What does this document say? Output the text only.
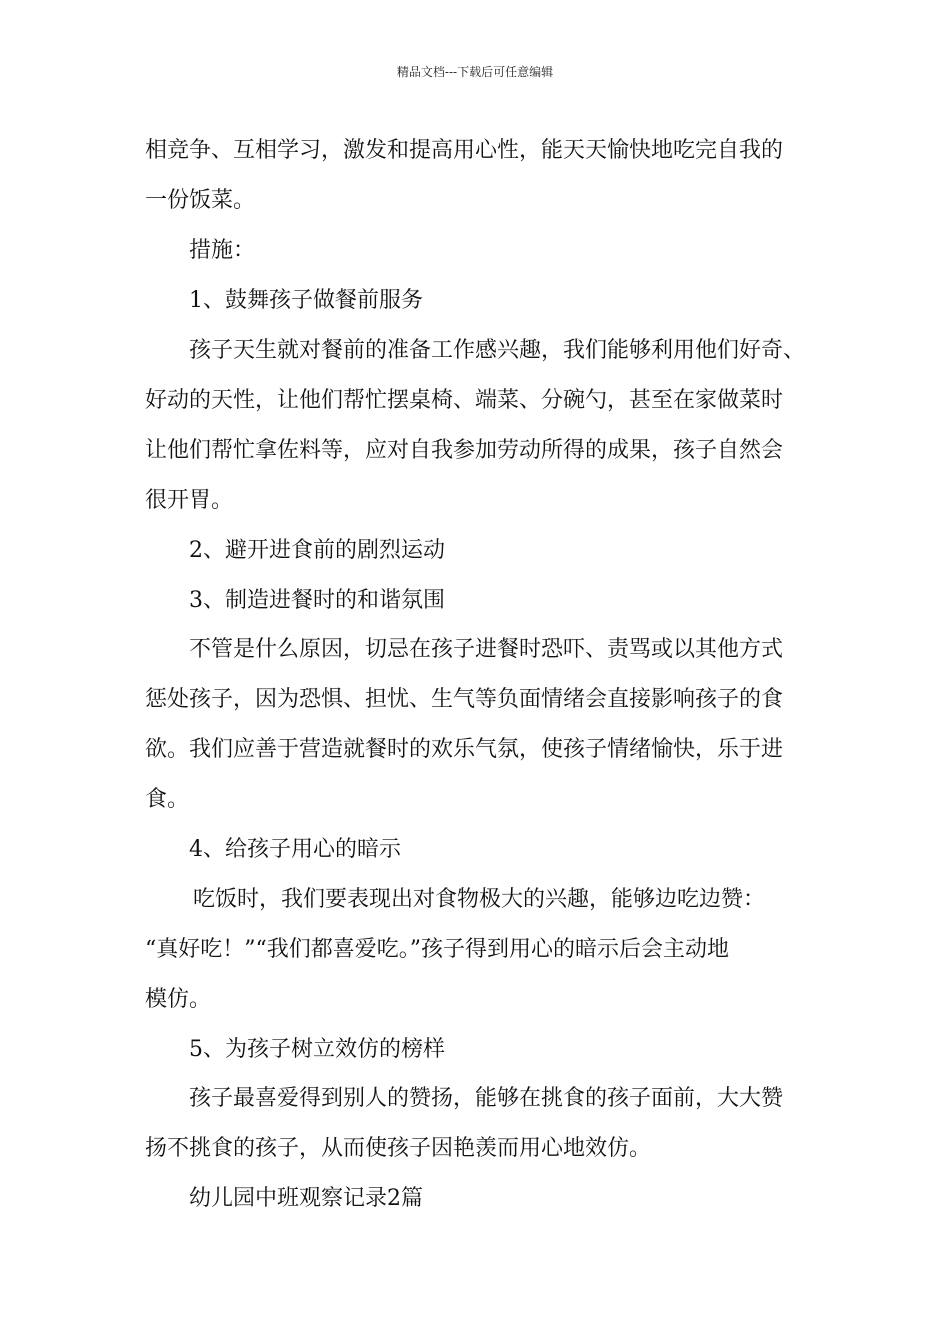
精品文档---下载后可任意编辑
相竞争、互相学习，激发和提高用心性，能天天愉快地吃完自我的
一份饭菜。
措施：
1、鼓舞孩子做餐前服务
孩子天生就对餐前的准备工作感兴趣，我们能够利用他们好奇、
好动的天性，让他们帮忙摆桌椅、端菜、分碗勺，甚至在家做菜时
让他们帮忙拿佐料等，应对自我参加劳动所得的成果，孩子自然会
很开胃。
2、避开进食前的剧烈运动
3、制造进餐时的和谐氛围
不管是什么原因，切忌在孩子进餐时恐吓、责骂或以其他方式
惩处孩子，因为恐惧、担忧、生气等负面情绪会直接影响孩子的食
欲。我们应善于营造就餐时的欢乐气氛，使孩子情绪愉快，乐于进
食。
4、给孩子用心的暗示
吃饭时，我们要表现出对食物极大的兴趣，能够边吃边赞：
“真好吃！”“我们都喜爱吃。”孩子得到用心的暗示后会主动地
模仿。
5、为孩子树立效仿的榜样
孩子最喜爱得到别人的赞扬，能够在挑食的孩子面前，大大赞
扬不挑食的孩子，从而使孩子因艳羡而用心地效仿。
幼儿园中班观察记录2篇
